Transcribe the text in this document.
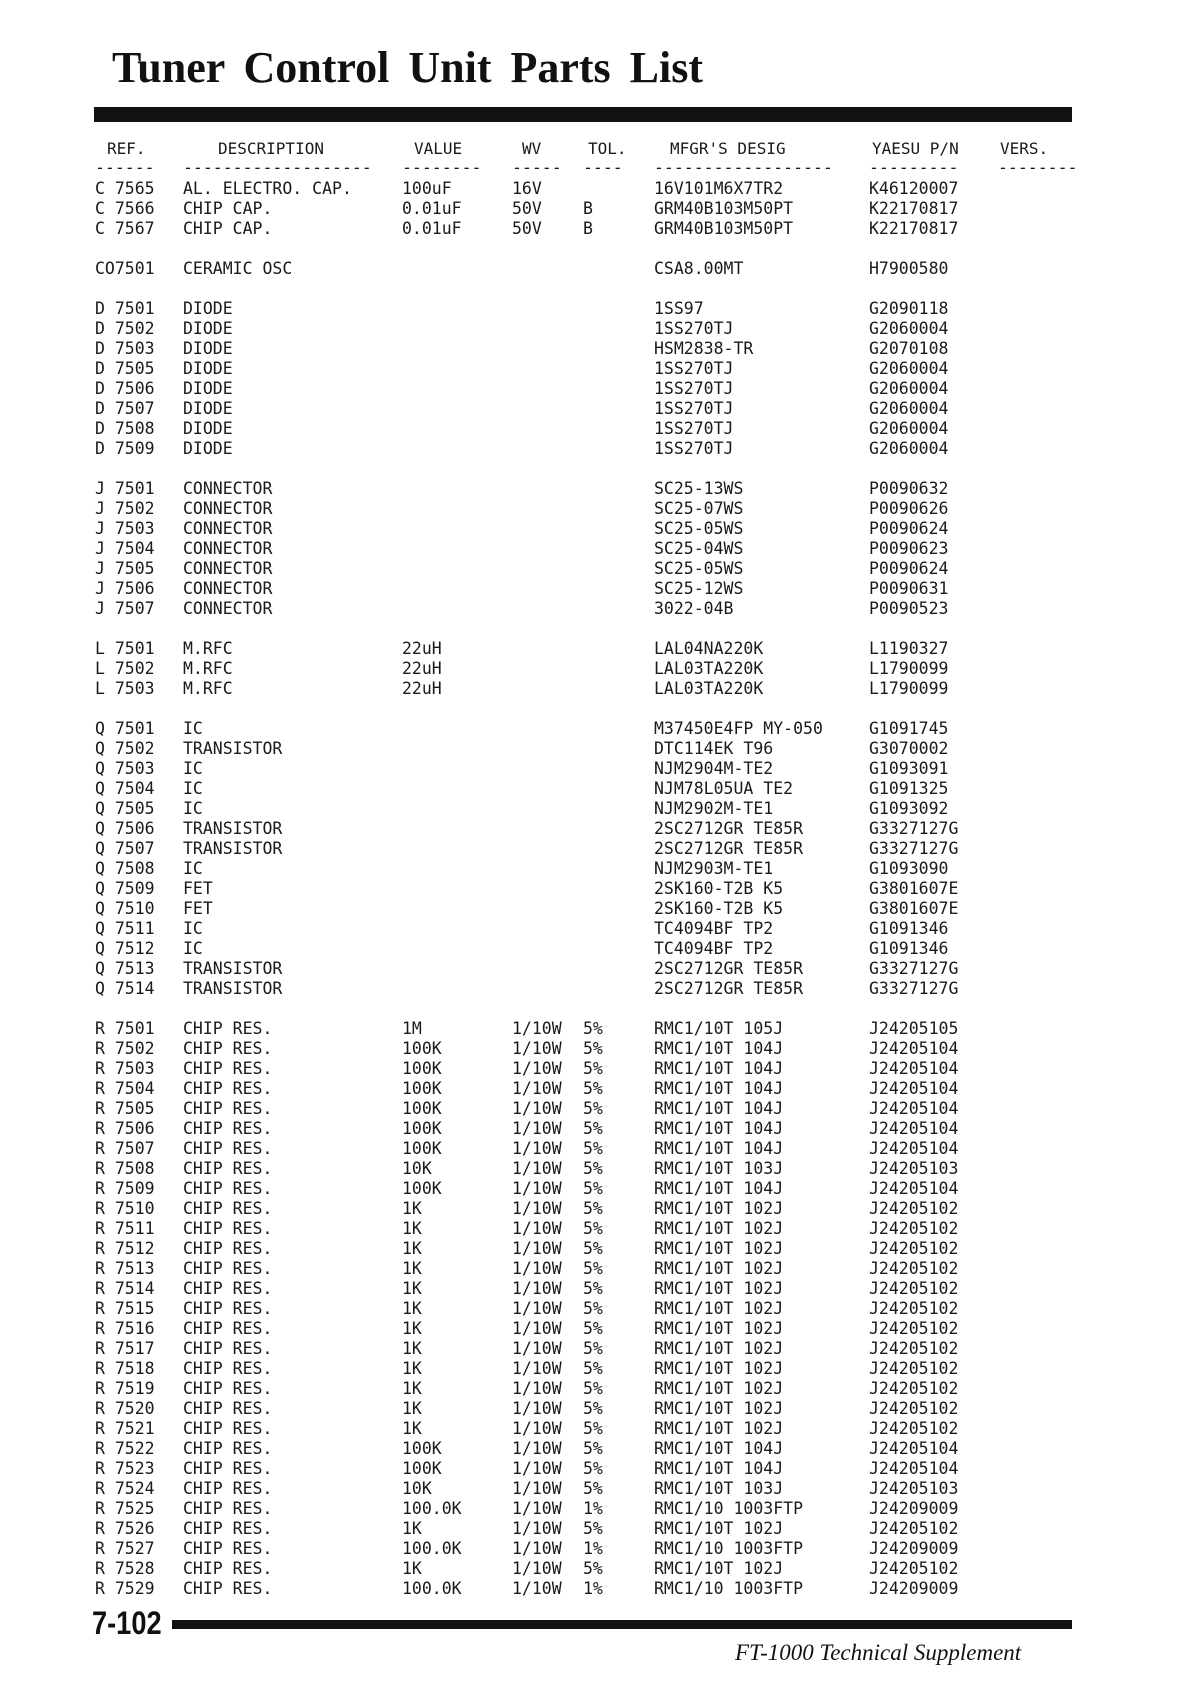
Tuner Control Unit Parts List
REF.	DESCRIPTION	VALUE	WV	TOL.	MFGR'S DESIG	YAESU P/N	VERS.
------ ------------------- -------- ----- ---- ------------------ --------- --------
C 7565 AL. ELECTRO. CAP.	100uF	16V	16V101M6X7TR2	K46120007
C 7566 CHIP CAP.	0.01uF	50V B	GRM40B103M50PT	K22170817
C 7567 CHIP CAP.	0.01uF	50V B	GRM40B103M50PT	K22170817
CO7501 CERAMIC OSC	CSA8.00MT	H7900580
D 7501 DIODE	1SS97	G2090118
D 7502 DIODE	1SS270TJ	G2060004
D 7503 DIODE	HSM2838-TR	G2070108
D 7505 DIODE	1SS270TJ	G2060004
D 7506 DIODE	1SS270TJ	G2060004
D 7507 DIODE	1SS270TJ	G2060004
D 7508 DIODE	1SS270TJ	G2060004
D 7509 DIODE	1SS270TJ	G2060004
J 7501 CONNECTOR	SC25-13WS	P0090632
J 7502 CONNECTOR	SC25-07WS	P0090626
J 7503 CONNECTOR	SC25-05WS	P0090624
J 7504 CONNECTOR	SC25-04WS	P0090623
J 7505 CONNECTOR	SC25-05WS	P0090624
J 7506 CONNECTOR	SC25-12WS	P0090631
J 7507 CONNECTOR	3022-04B	P0090523
L 7501 M.RFC	22uH	LAL04NA220K	L1190327
L 7502 M.RFC	22uH	LAL03TA220K	L1790099
L 7503 M.RFC	22uH	LAL03TA220K	L1790099
Q 7501 IC	M37450E4FP MY-050	G1091745
Q 7502 TRANSISTOR	DTC114EK T96	G3070002
Q 7503 IC	NJM2904M-TE2	G1093091
Q 7504 IC	NJM78L05UA TE2	G1091325
Q 7505 IC	NJM2902M-TE1	G1093092
Q 7506 TRANSISTOR	2SC2712GR TE85R	G3327127G
Q 7507 TRANSISTOR	2SC2712GR TE85R	G3327127G
Q 7508 IC	NJM2903M-TE1	G1093090
Q 7509 FET	2SK160-T2B K5	G3801607E
Q 7510 FET	2SK160-T2B K5	G3801607E
Q 7511 IC	TC4094BF TP2	G1091346
Q 7512 IC	TC4094BF TP2	G1091346
Q 7513 TRANSISTOR	2SC2712GR TE85R	G3327127G
Q 7514 TRANSISTOR	2SC2712GR TE85R	G3327127G
R 7501 CHIP RES.	1M	1/10W 5%	RMC1/10T 105J	J24205105
R 7502 CHIP RES.	100K	1/10W 5%	RMC1/10T 104J	J24205104
R 7503 CHIP RES.	100K	1/10W 5%	RMC1/10T 104J	J24205104
R 7504 CHIP RES.	100K	1/10W 5%	RMC1/10T 104J	J24205104
R 7505 CHIP RES.	100K	1/10W 5%	RMC1/10T 104J	J24205104
R 7506 CHIP RES.	100K	1/10W 5%	RMC1/10T 104J	J24205104
R 7507 CHIP RES.	100K	1/10W 5%	RMC1/10T 104J	J24205104
R 7508 CHIP RES.	10K	1/10W 5%	RMC1/10T 103J	J24205103
R 7509 CHIP RES.	100K	1/10W 5%	RMC1/10T 104J	J24205104
R 7510 CHIP RES.	1K	1/10W 5%	RMC1/10T 102J	J24205102
R 7511 CHIP RES.	1K	1/10W 5%	RMC1/10T 102J	J24205102
R 7512 CHIP RES.	1K	1/10W 5%	RMC1/10T 102J	J24205102
R 7513 CHIP RES.	1K	1/10W 5%	RMC1/10T 102J	J24205102
R 7514 CHIP RES.	1K	1/10W 5%	RMC1/10T 102J	J24205102
R 7515 CHIP RES.	1K	1/10W 5%	RMC1/10T 102J	J24205102
R 7516 CHIP RES.	1K	1/10W 5%	RMC1/10T 102J	J24205102
R 7517 CHIP RES.	1K	1/10W 5%	RMC1/10T 102J	J24205102
R 7518 CHIP RES.	1K	1/10W 5%	RMC1/10T 102J	J24205102
R 7519 CHIP RES.	1K	1/10W 5%	RMC1/10T 102J	J24205102
R 7520 CHIP RES.	1K	1/10W 5%	RMC1/10T 102J	J24205102
R 7521 CHIP RES.	1K	1/10W 5%	RMC1/10T 102J	J24205102
R 7522 CHIP RES.	100K	1/10W 5%	RMC1/10T 104J	J24205104
R 7523 CHIP RES.	100K	1/10W 5%	RMC1/10T 104J	J24205104
R 7524 CHIP RES.	10K	1/10W 5%	RMC1/10T 103J	J24205103
R 7525 CHIP RES.	100.0K	1/10W 1%	RMC1/10 1003FTP	J24209009
R 7526 CHIP RES.	1K	1/10W 5%	RMC1/10T 102J	J24205102
R 7527 CHIP RES.	100.0K	1/10W 1%	RMC1/10 1003FTP	J24209009
R 7528 CHIP RES.	1K	1/10W 5%	RMC1/10T 102J	J24205102
R 7529 CHIP RES.	100.0K	1/10W 1%	RMC1/10 1003FTP	J24209009
7-102
FT-1000 Technical Supplement
